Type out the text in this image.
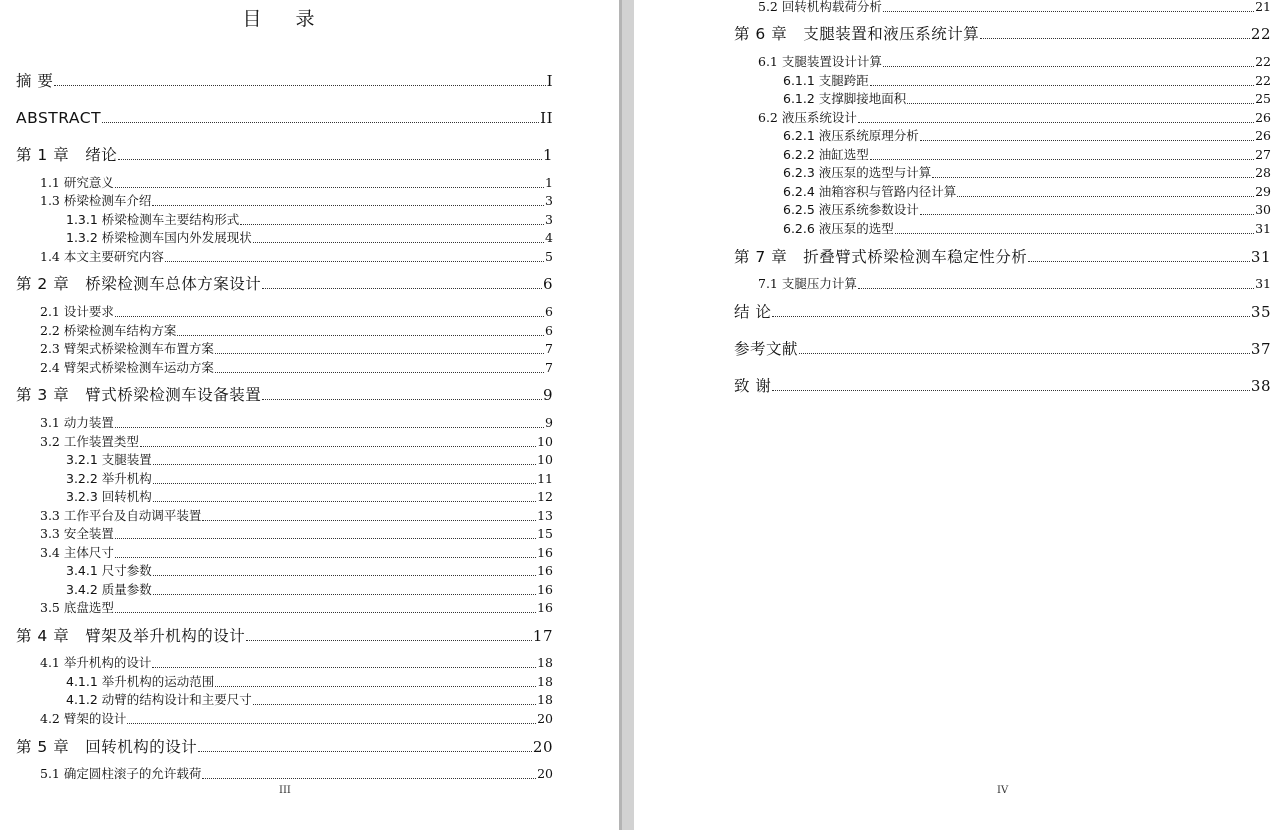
目 录
摘 要	I
ABSTRACT	II
第 1 章　绪论	1
1.1 研究意义	1
1.3 桥梁检测车介绍	3
1.3.1 桥梁检测车主要结构形式	3
1.3.2 桥梁检测车国内外发展现状	4
1.4 本文主要研究内容	5
第 2 章　桥梁检测车总体方案设计	6
2.1 设计要求	6
2.2 桥梁检测车结构方案	6
2.3 臂架式桥梁检测车布置方案	7
2.4 臂架式桥梁检测车运动方案	7
第 3 章　臂式桥梁检测车设备装置	9
3.1 动力装置	9
3.2 工作装置类型	10
3.2.1 支腿装置	10
3.2.2 举升机构	11
3.2.3 回转机构	12
3.3 工作平台及自动调平装置	13
3.3 安全装置	15
3.4 主体尺寸	16
3.4.1 尺寸参数	16
3.4.2 质量参数	16
3.5 底盘选型	16
第 4 章　臂架及举升机构的设计	17
4.1 举升机构的设计	18
4.1.1 举升机构的运动范围	18
4.1.2 动臂的结构设计和主要尺寸	18
4.2 臂架的设计	20
第 5 章　回转机构的设计	20
5.1 确定圆柱滚子的允许载荷	20
III
5.2 回转机构载荷分析	21
第 6 章　支腿装置和液压系统计算	22
6.1 支腿装置设计计算	22
6.1.1 支腿跨距	22
6.1.2 支撑脚接地面积	25
6.2 液压系统设计	26
6.2.1 液压系统原理分析	26
6.2.2 油缸选型	27
6.2.3 液压泵的选型与计算	28
6.2.4 油箱容积与管路内径计算	29
6.2.5 液压系统参数设计	30
6.2.6 液压泵的选型	31
第 7 章　折叠臂式桥梁检测车稳定性分析	31
7.1 支腿压力计算	31
结 论	35
参考文献	37
致 谢	38
IV
